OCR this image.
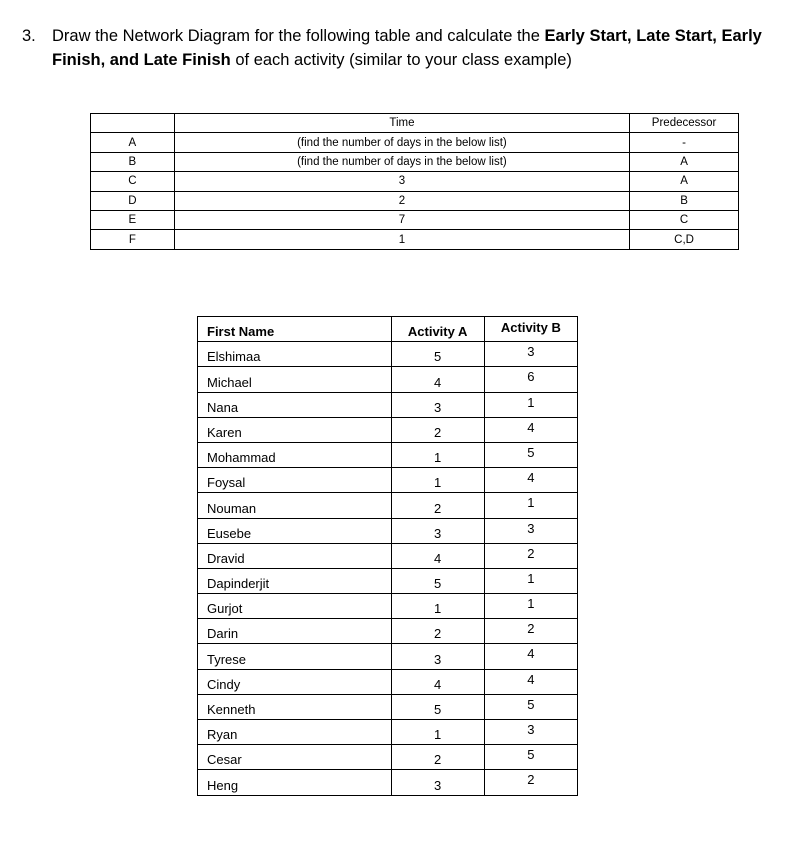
3. Draw the Network Diagram for the following table and calculate the Early Start, Late Start, Early Finish, and Late Finish of each activity (similar to your class example)
	Time	Predecessor
A	(find the number of days in the below list)	-
B	(find the number of days in the below list)	A
C	3	A
D	2	B
E	7	C
F	1	C,D
First Name	Activity A	Activity B
Elshimaa	5	3
Michael	4	6
Nana	3	1
Karen	2	4
Mohammad	1	5
Foysal	1	4
Nouman	2	1
Eusebe	3	3
Dravid	4	2
Dapinderjit	5	1
Gurjot	1	1
Darin	2	2
Tyrese	3	4
Cindy	4	4
Kenneth	5	5
Ryan	1	3
Cesar	2	5
Heng	3	2
